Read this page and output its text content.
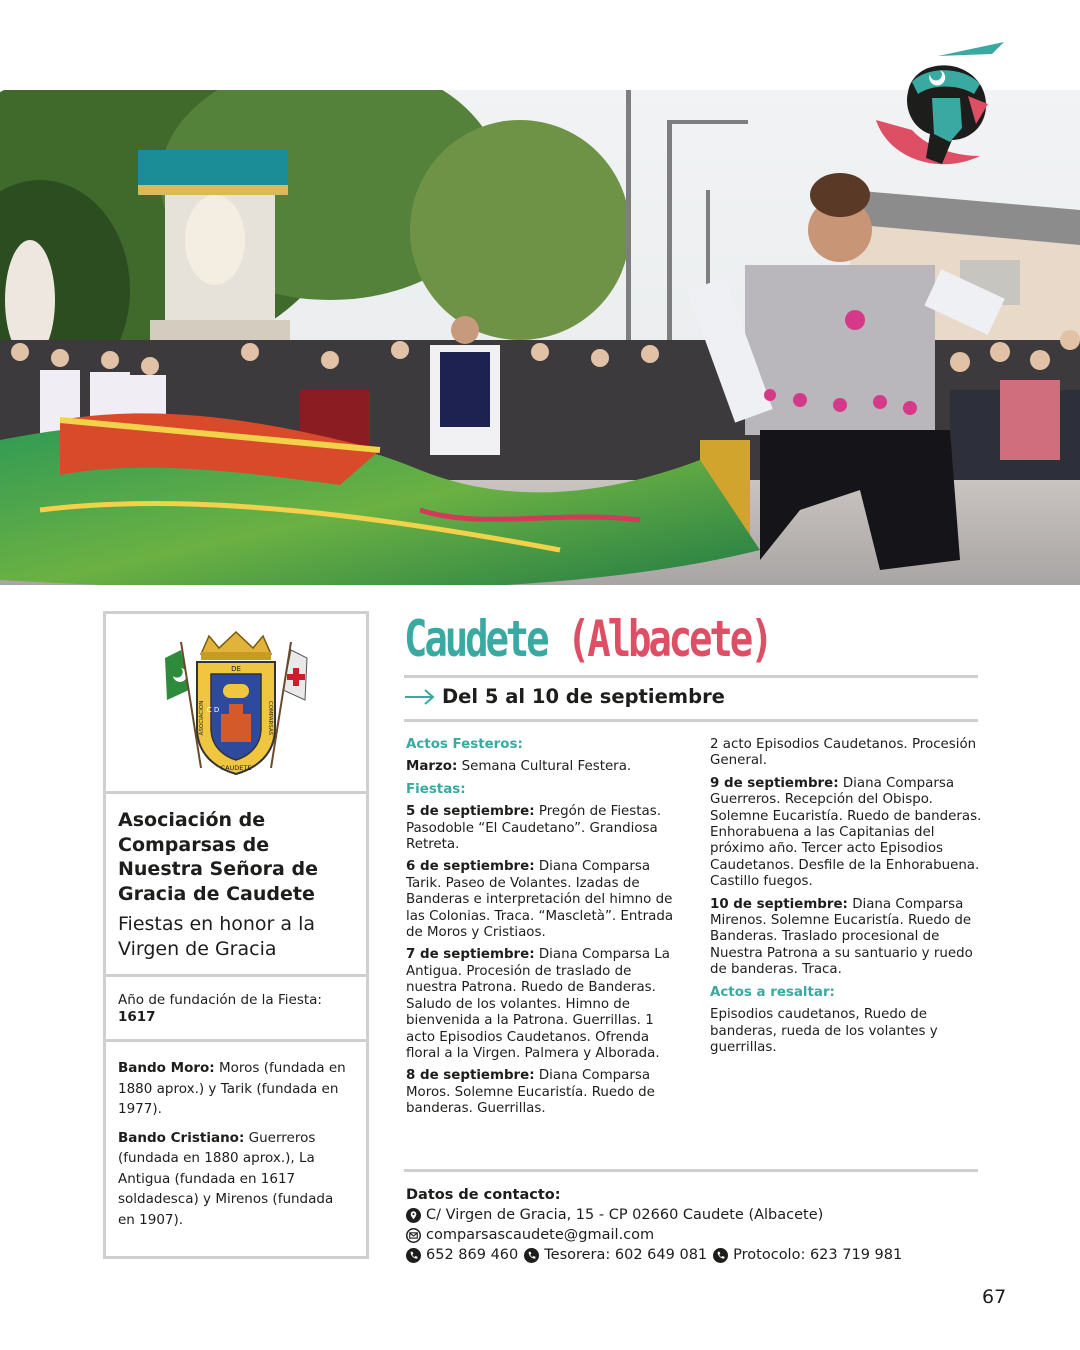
DE
C D
ASOCIACION	COMPARSAS
CAUDETE
Asociación de Comparsas de Nuestra Señora de Gracia de Caudete
Fiestas en honor a la Virgen de Gracia
Año de fundación de la Fiesta: 1617
Bando Moro: Moros (fundada en 1880 aprox.) y Tarik (fundada en 1977).
Bando Cristiano: Guerreros (fundada en 1880 aprox.), La Antigua (fundada en 1617 soldadesca) y Mirenos (fundada en 1907).
Caudete (Albacete)
Del 5 al 10 de septiembre
Actos Festeros:
Marzo: Semana Cultural Festera.
Fiestas:
5 de septiembre: Pregón de Fiestas. Pasodoble “El Caudetano”. Grandiosa Retreta.
6 de septiembre: Diana Comparsa Tarik. Paseo de Volantes. Izadas de Banderas e interpretación del himno de las Colonias. Traca. “Mascletà”. Entrada de Moros y Cristiaos.
7 de septiembre: Diana Comparsa La Antigua. Procesión de traslado de nuestra Patrona. Ruedo de Banderas. Saludo de los volantes. Himno de bienvenida a la Patrona. Guerrillas. 1 acto Episodios Caudetanos. Ofrenda floral a la Virgen. Palmera y Alborada.
8 de septiembre: Diana Comparsa Moros. Solemne Eucaristía. Ruedo de banderas. Guerrillas.
2 acto Episodios Caudetanos. Procesión General.
9 de septiembre: Diana Comparsa Guerreros. Recepción del Obispo. Solemne Eucaristía. Ruedo de banderas. Enhorabuena a las Capitanias del próximo año. Tercer acto Episodios Caudetanos. Desfile de la Enhorabuena. Castillo fuegos.
10 de septiembre: Diana Comparsa Mirenos. Solemne Eucaristía. Ruedo de Banderas. Traslado procesional de Nuestra Patrona a su santuario y ruedo de banderas. Traca.
Actos a resaltar:
Episodios caudetanos, Ruedo de banderas, rueda de los volantes y guerrillas.
Datos de contacto:
C/ Virgen de Gracia, 15 - CP 02660 Caudete (Albacete)
comparsascaudete@gmail.com
652 869 460 Tesorera: 602 649 081 Protocolo: 623 719 981
67
